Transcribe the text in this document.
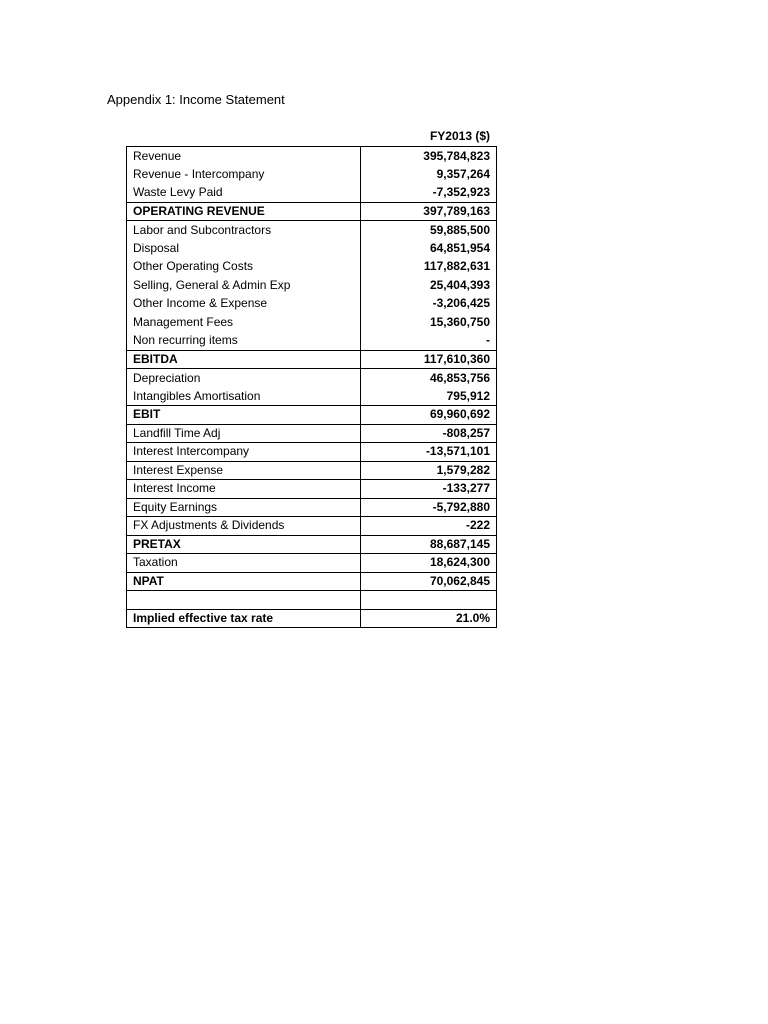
Appendix 1: Income Statement
FY2013 ($)
Revenue	395,784,823
Revenue - Intercompany	9,357,264
Waste Levy Paid	-7,352,923
OPERATING REVENUE	397,789,163
Labor and Subcontractors	59,885,500
Disposal	64,851,954
Other Operating Costs	117,882,631
Selling, General & Admin Exp	25,404,393
Other Income & Expense	-3,206,425
Management Fees	15,360,750
Non recurring items	-
EBITDA	117,610,360
Depreciation	46,853,756
Intangibles Amortisation	795,912
EBIT	69,960,692
Landfill Time Adj	-808,257
Interest Intercompany	-13,571,101
Interest Expense	1,579,282
Interest Income	-133,277
Equity Earnings	-5,792,880
FX Adjustments & Dividends	-222
PRETAX	88,687,145
Taxation	18,624,300
NPAT	70,062,845

Implied effective tax rate	21.0%
